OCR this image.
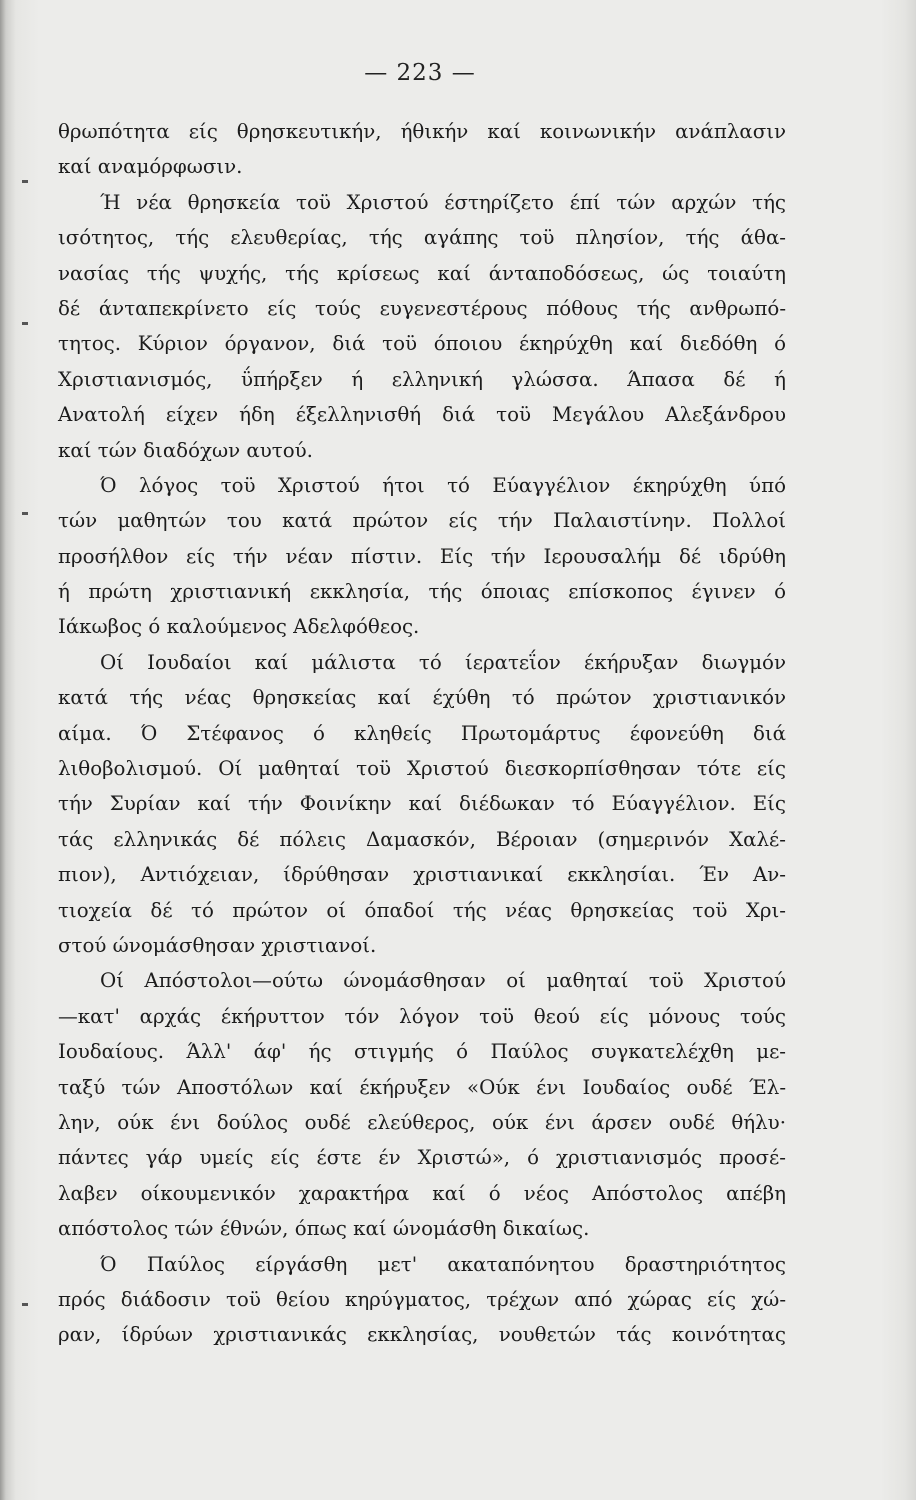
— 223 —
θρωπότητα είς θρησκευτικήν, ήθικήν καί κοινωνικήν ανάπλασιν
καί αναμόρφωσιν.
Ή νέα θρησκεία τοϋ Χριστού έστηρίζετο έπί τών αρχών τής
ισότητος, τής ελευθερίας, τής αγάπης τοϋ πλησίον, τής άθα-
νασίας τής ψυχής, τής κρίσεως καί άνταποδόσεως, ώς τοιαύτη
δέ άνταπεκρίνετο είς τούς ευγενεστέρους πόθους τής ανθρωπό-
τητος. Κύριον όργανον, διά τοϋ όποιου έκηρύχθη καί διεδόθη ό
Χριστιανισμός, ΰπήρξεν ή ελληνική γλώσσα. Άπασα δέ ή
Ανατολή είχεν ήδη έξελληνισθή διά τοϋ Μεγάλου Αλεξάνδρου
καί τών διαδόχων αυτού.
Ό λόγος τοϋ Χριστού ήτοι τό Εύαγγέλιον έκηρύχθη ύπό
τών μαθητών του κατά πρώτον είς τήν Παλαιστίνην. Πολλοί
προσήλθον είς τήν νέαν πίστιν. Είς τήν Ιερουσαλήμ δέ ιδρύθη
ή πρώτη χριστιανική εκκλησία, τής όποιας επίσκοπος έγινεν ό
Ιάκωβος ό καλούμενος Αδελφόθεος.
Οί Ιουδαίοι καί μάλιστα τό ίερατεΐον έκήρυξαν διωγμόν
κατά τής νέας θρησκείας καί έχύθη τό πρώτον χριστιανικόν
αίμα. Ό Στέφανος ό κληθείς Πρωτομάρτυς έφονεύθη διά
λιθοβολισμού. Οί μαθηταί τοϋ Χριστού διεσκορπίσθησαν τότε είς
τήν Συρίαν καί τήν Φοινίκην καί διέδωκαν τό Εύαγγέλιον. Είς
τάς ελληνικάς δέ πόλεις Δαμασκόν, Βέροιαν (σημερινόν Χαλέ-
πιον), Αντιόχειαν, ίδρύθησαν χριστιανικαί εκκλησίαι. Έν Αν-
τιοχεία δέ τό πρώτον οί όπαδοί τής νέας θρησκείας τοϋ Χρι-
στού ώνομάσθησαν χριστιανοί.
Οί Απόστολοι—ούτω ώνομάσθησαν οί μαθηταί τοϋ Χριστού
—κατ' αρχάς έκήρυττον τόν λόγον τοϋ θεού είς μόνους τούς
Ιουδαίους. Άλλ' άφ' ής στιγμής ό Παύλος συγκατελέχθη με-
ταξύ τών Αποστόλων καί έκήρυξεν «Ούκ ένι Ιουδαίος ουδέ Έλ-
λην, ούκ ένι δούλος ουδέ ελεύθερος, ούκ ένι άρσεν ουδέ θήλυ·
πάντες γάρ υμείς είς έστε έν Χριστώ», ό χριστιανισμός προσέ-
λαβεν οίκουμενικόν χαρακτήρα καί ό νέος Απόστολος απέβη
απόστολος τών έθνών, όπως καί ώνομάσθη δικαίως.
Ό Παύλος είργάσθη μετ' ακαταπόνητου δραστηριότητος
πρός διάδοσιν τοϋ θείου κηρύγματος, τρέχων από χώρας είς χώ-
ραν, ίδρύων χριστιανικάς εκκλησίας, νουθετών τάς κοινότητας
